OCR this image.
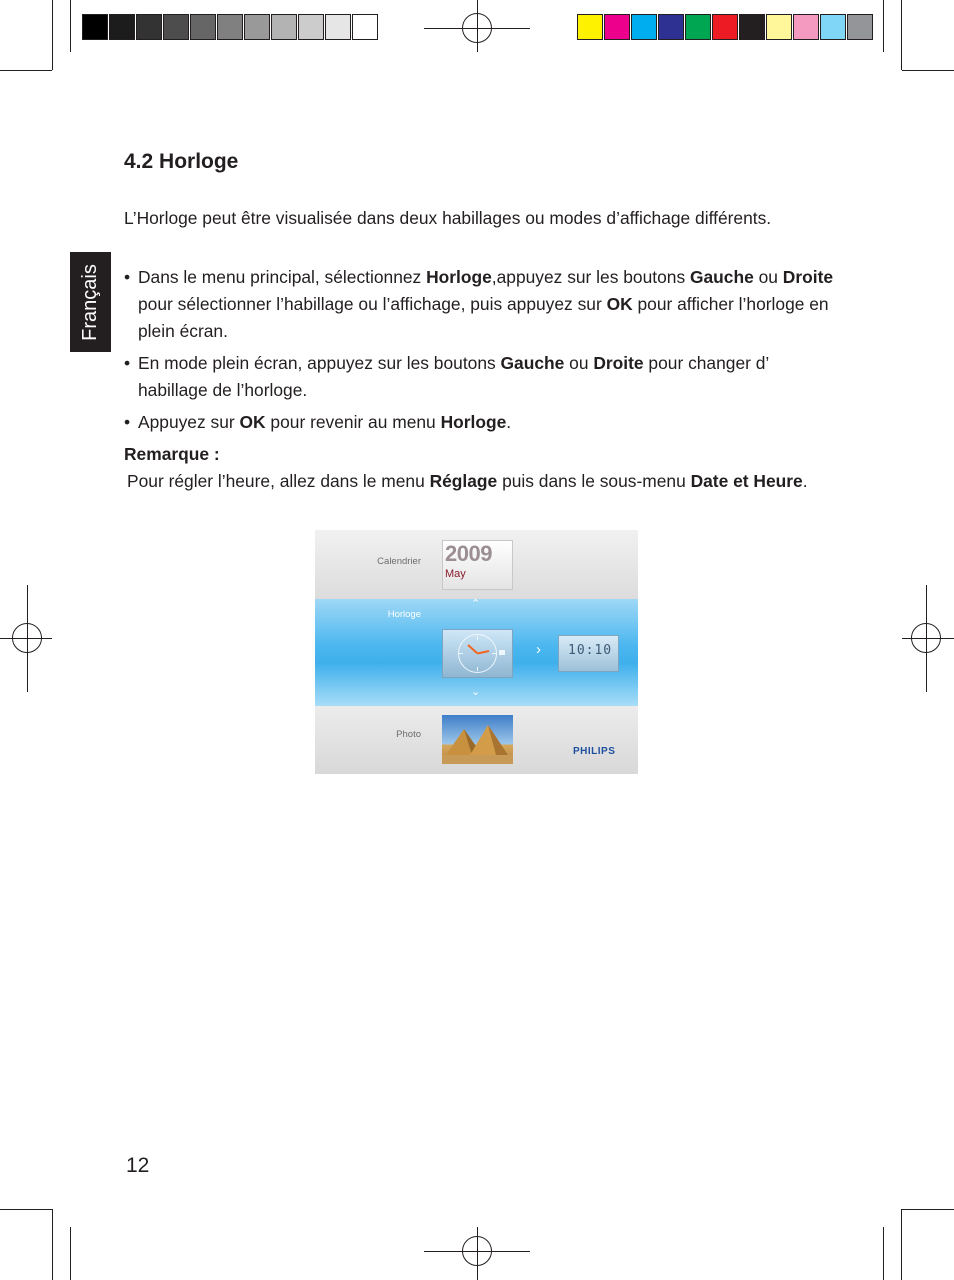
Français
4.2 Horloge
L’Horloge peut être visualisée dans deux habillages ou modes d’affichage différents.
• Dans le menu principal, sélectionnez Horloge,appuyez sur les boutons Gauche ou Droite pour sélectionner l’habillage ou l’affichage, puis appuyez sur OK pour afficher l’horloge en plein écran.
• En mode plein écran, appuyez sur les boutons Gauche ou Droite pour changer d’ habillage de l’horloge.
• Appuyez sur OK pour revenir au menu Horloge.
Remarque :
Pour régler l’heure, allez dans le menu Réglage puis dans le sous-menu Date et Heure.
Calendrier 2009
May
Horloge
⌃
⌄
› 10:10
Photo
PHILIPS
12
